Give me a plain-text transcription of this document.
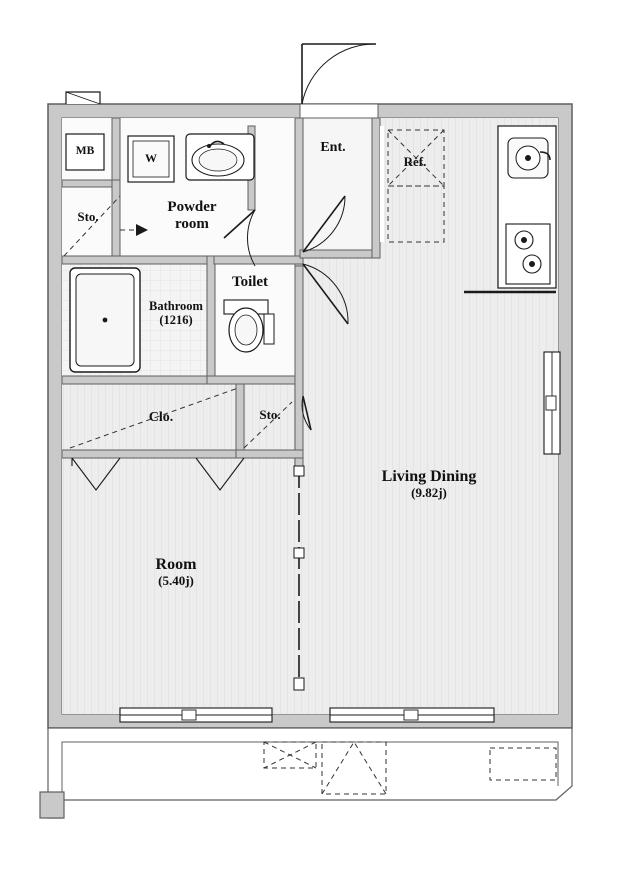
Living Dining
(9.82j)
Room
(5.40j)
Bathroom
(1216)
Powder
room
Toilet
Ent.
Clo.
Sto.
Sto.
Ref.
W
MB
